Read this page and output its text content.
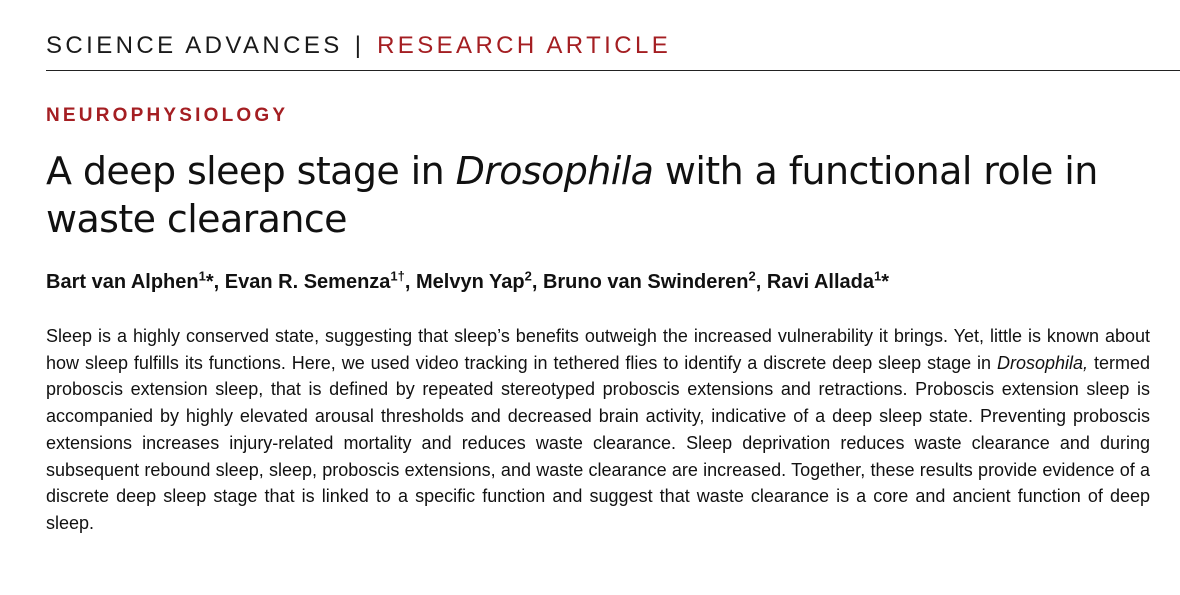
SCIENCE ADVANCES | RESEARCH ARTICLE
NEUROPHYSIOLOGY
A deep sleep stage in Drosophila with a functional role in waste clearance
Bart van Alphen$^1$*, Evan R. Semenza$^{1\dagger}$, Melvyn Yap$^2$, Bruno van Swinderen$^2$, Ravi Allada$^1$*

Sleep is a highly conserved state, suggesting that sleep’s benefits outweigh the increased vulnerability it brings. Yet, little is known about how sleep fulfills its functions. Here, we used video tracking in tethered flies to identify a discrete deep sleep stage in Drosophila, termed proboscis extension sleep, that is defined by repeated stereotyped proboscis extensions and retractions. Proboscis extension sleep is accompanied by highly elevated arousal thresholds and decreased brain activity, indicative of a deep sleep state. Preventing proboscis extensions increases injury-related mortality and reduces waste clearance. Sleep deprivation reduces waste clearance and during subsequent rebound sleep, sleep, proboscis extensions, and waste clearance are increased. Together, these results provide evidence of a discrete deep sleep stage that is linked to a specific function and suggest that waste clearance is a core and ancient function of deep sleep.
